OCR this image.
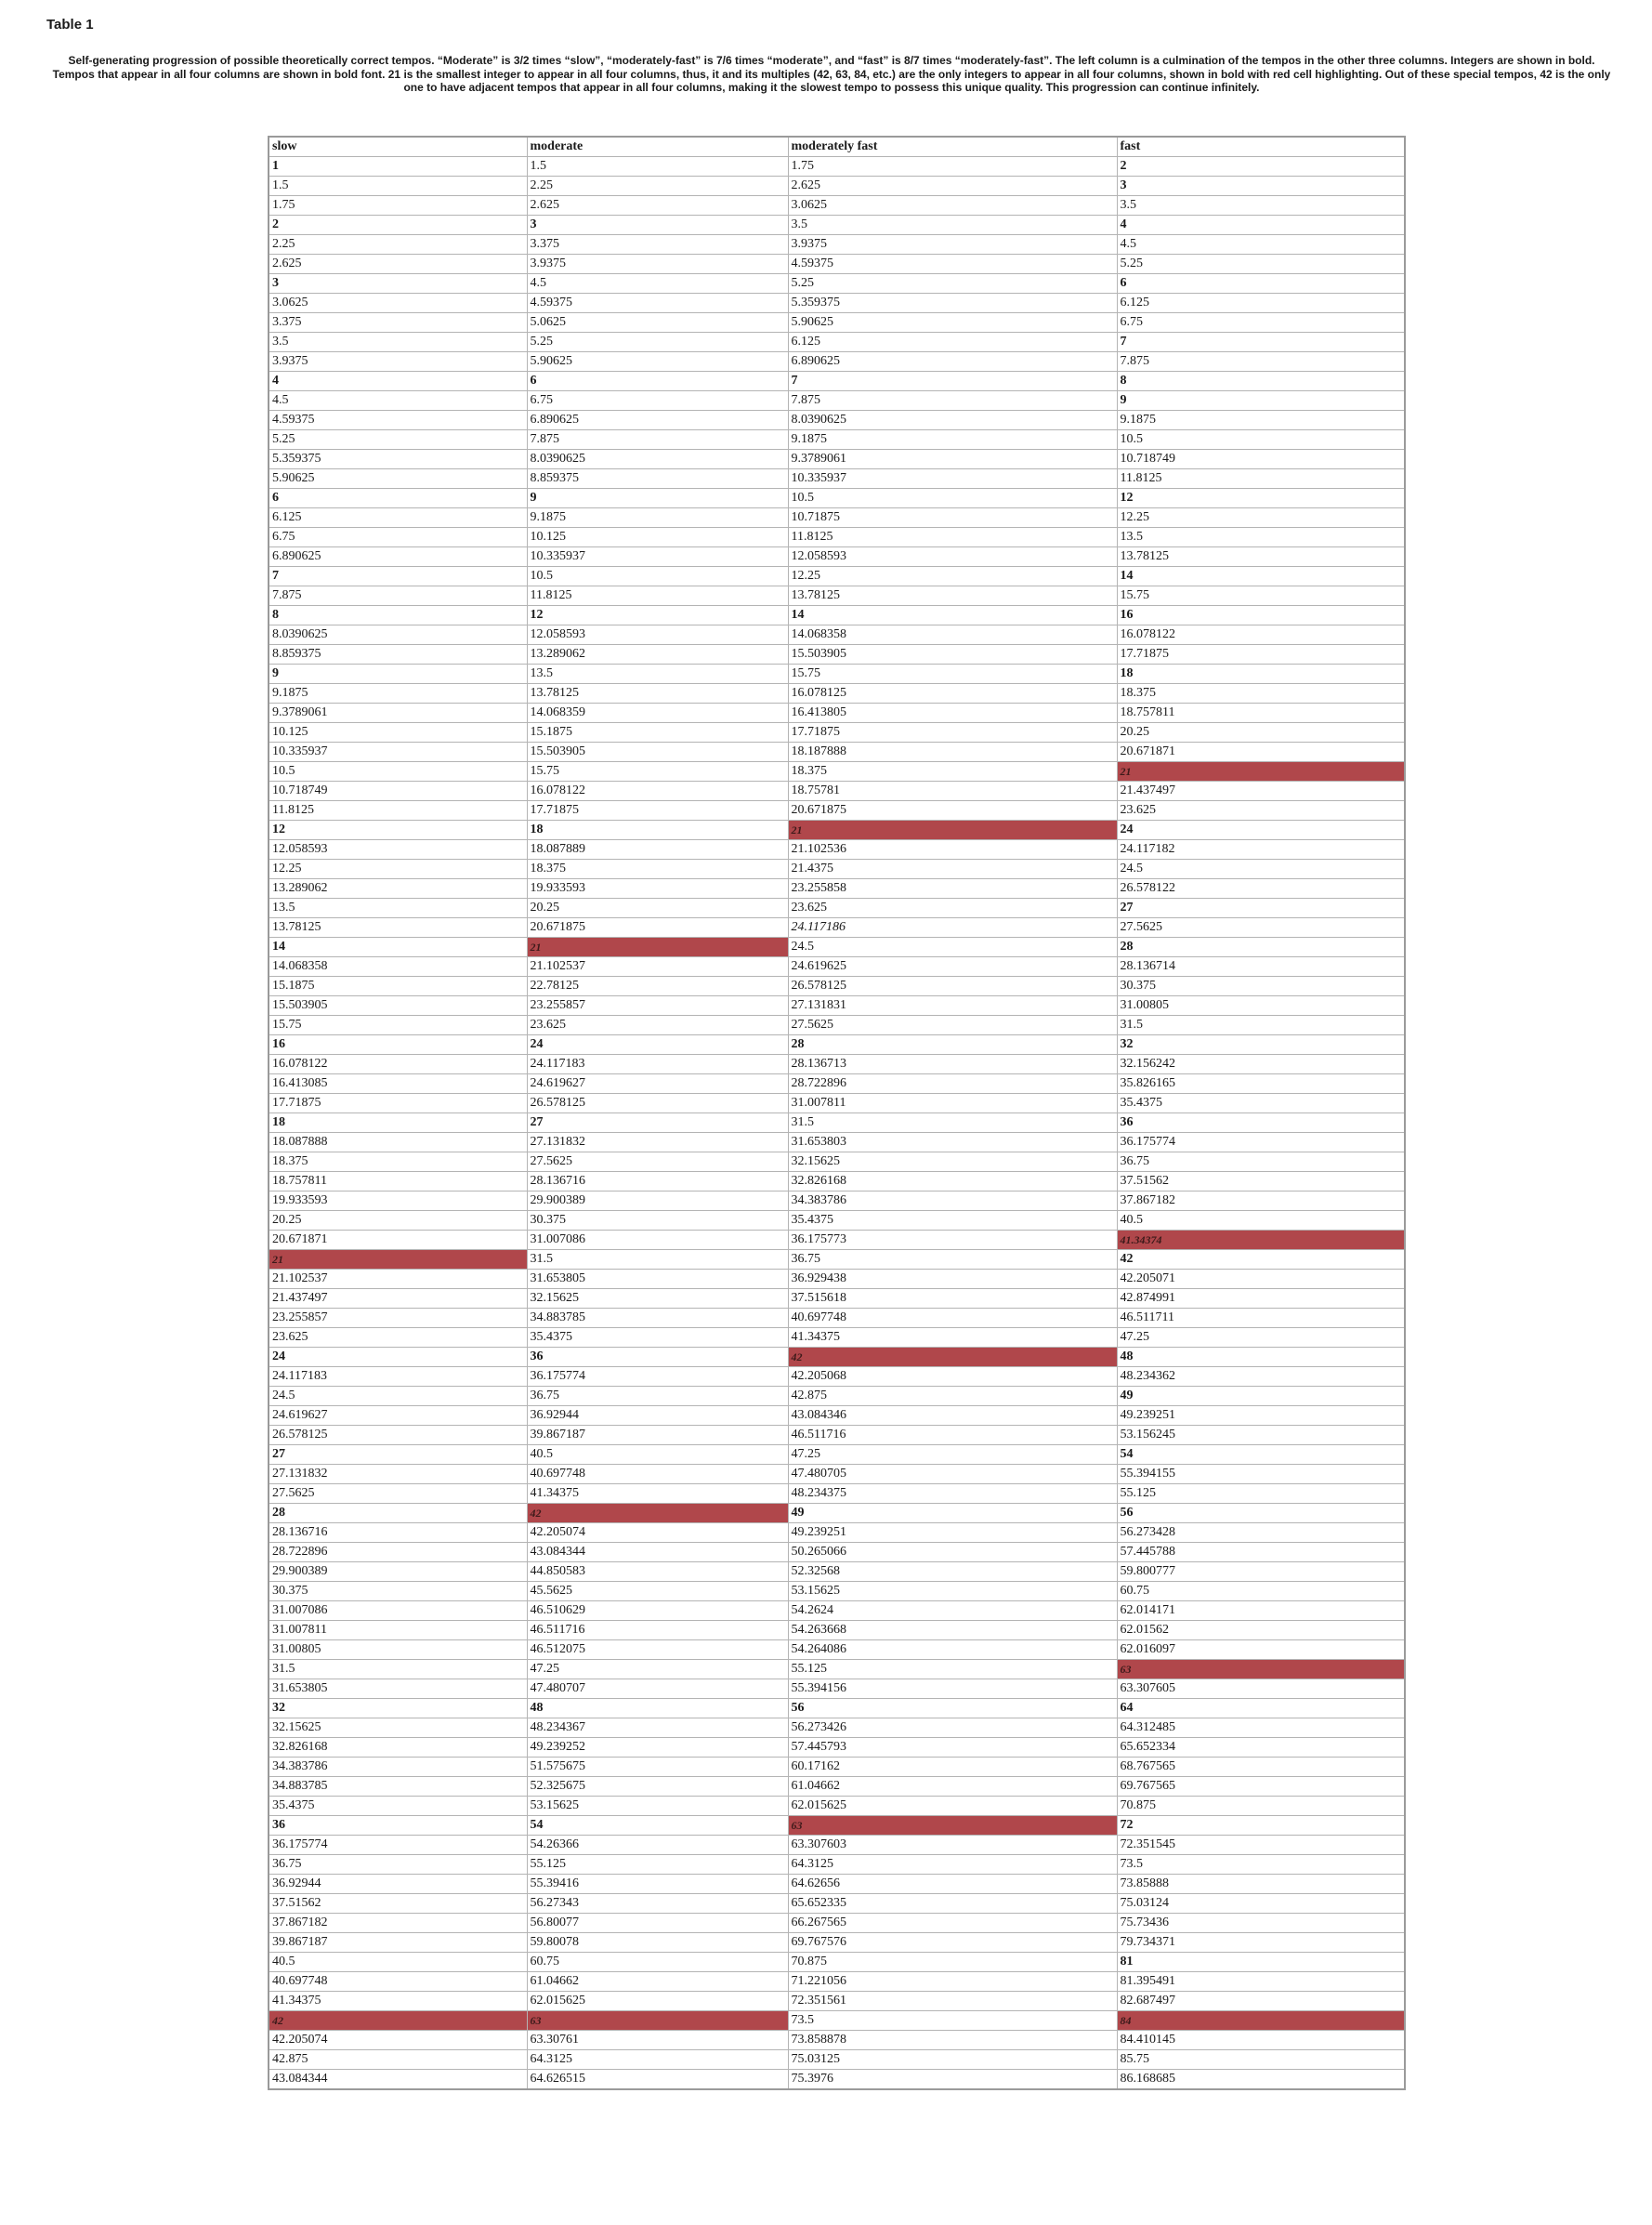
Table 1

Self-generating progression of possible theoretically correct tempos. “Moderate” is 3/2 times “slow”, “moderately-fast” is 7/6 times “moderate”, and “fast” is 8/7 times “moderately-fast”. The left column is a culmination of the tempos in the other three columns. Integers are shown in bold. Tempos that appear in all four columns are shown in bold font. 21 is the smallest integer to appear in all four columns, thus, it and its multiples (42, 63, 84, etc.) are the only integers to appear in all four columns, shown in bold with red cell highlighting. Out of these special tempos, 42 is the only one to have adjacent tempos that appear in all four columns, making it the slowest tempo to possess this unique quality. This progression can continue infinitely.

slow	moderate	moderately fast	fast
1	1.5	1.75	2
1.5	2.25	2.625	3
1.75	2.625	3.0625	3.5
2	3	3.5	4
2.25	3.375	3.9375	4.5
2.625	3.9375	4.59375	5.25
3	4.5	5.25	6
3.0625	4.59375	5.359375	6.125
3.375	5.0625	5.90625	6.75
3.5	5.25	6.125	7
3.9375	5.90625	6.890625	7.875
4	6	7	8
4.5	6.75	7.875	9
4.59375	6.890625	8.0390625	9.1875
5.25	7.875	9.1875	10.5
5.359375	8.0390625	9.3789061	10.718749
5.90625	8.859375	10.335937	11.8125
6	9	10.5	12
6.125	9.1875	10.71875	12.25
6.75	10.125	11.8125	13.5
6.890625	10.335937	12.058593	13.78125
7	10.5	12.25	14
7.875	11.8125	13.78125	15.75
8	12	14	16
8.0390625	12.058593	14.068358	16.078122
8.859375	13.289062	15.503905	17.71875
9	13.5	15.75	18
9.1875	13.78125	16.078125	18.375
9.3789061	14.068359	16.413805	18.757811
10.125	15.1875	17.71875	20.25
10.335937	15.503905	18.187888	20.671871
10.5	15.75	18.375	21
10.718749	16.078122	18.75781	21.437497
11.8125	17.71875	20.671875	23.625
12	18	21	24
12.058593	18.087889	21.102536	24.117182
12.25	18.375	21.4375	24.5
13.289062	19.933593	23.255858	26.578122
13.5	20.25	23.625	27
13.78125	20.671875	24.117186	27.5625
14	21	24.5	28
14.068358	21.102537	24.619625	28.136714
15.1875	22.78125	26.578125	30.375
15.503905	23.255857	27.131831	31.00805
15.75	23.625	27.5625	31.5
16	24	28	32
16.078122	24.117183	28.136713	32.156242
16.413085	24.619627	28.722896	35.826165
17.71875	26.578125	31.007811	35.4375
18	27	31.5	36
18.087888	27.131832	31.653803	36.175774
18.375	27.5625	32.15625	36.75
18.757811	28.136716	32.826168	37.51562
19.933593	29.900389	34.383786	37.867182
20.25	30.375	35.4375	40.5
20.671871	31.007086	36.175773	41.34374
21	31.5	36.75	42
21.102537	31.653805	36.929438	42.205071
21.437497	32.15625	37.515618	42.874991
23.255857	34.883785	40.697748	46.511711
23.625	35.4375	41.34375	47.25
24	36	42	48
24.117183	36.175774	42.205068	48.234362
24.5	36.75	42.875	49
24.619627	36.92944	43.084346	49.239251
26.578125	39.867187	46.511716	53.156245
27	40.5	47.25	54
27.131832	40.697748	47.480705	55.394155
27.5625	41.34375	48.234375	55.125
28	42	49	56
28.136716	42.205074	49.239251	56.273428
28.722896	43.084344	50.265066	57.445788
29.900389	44.850583	52.32568	59.800777
30.375	45.5625	53.15625	60.75
31.007086	46.510629	54.2624	62.014171
31.007811	46.511716	54.263668	62.01562
31.00805	46.512075	54.264086	62.016097
31.5	47.25	55.125	63
31.653805	47.480707	55.394156	63.307605
32	48	56	64
32.15625	48.234367	56.273426	64.312485
32.826168	49.239252	57.445793	65.652334
34.383786	51.575675	60.17162	68.767565
34.883785	52.325675	61.04662	69.767565
35.4375	53.15625	62.015625	70.875
36	54	63	72
36.175774	54.26366	63.307603	72.351545
36.75	55.125	64.3125	73.5
36.92944	55.39416	64.62656	73.85888
37.51562	56.27343	65.652335	75.03124
37.867182	56.80077	66.267565	75.73436
39.867187	59.80078	69.767576	79.734371
40.5	60.75	70.875	81
40.697748	61.04662	71.221056	81.395491
41.34375	62.015625	72.351561	82.687497
42	63	73.5	84
42.205074	63.30761	73.858878	84.410145
42.875	64.3125	75.03125	85.75
43.084344	64.626515	75.3976	86.168685
